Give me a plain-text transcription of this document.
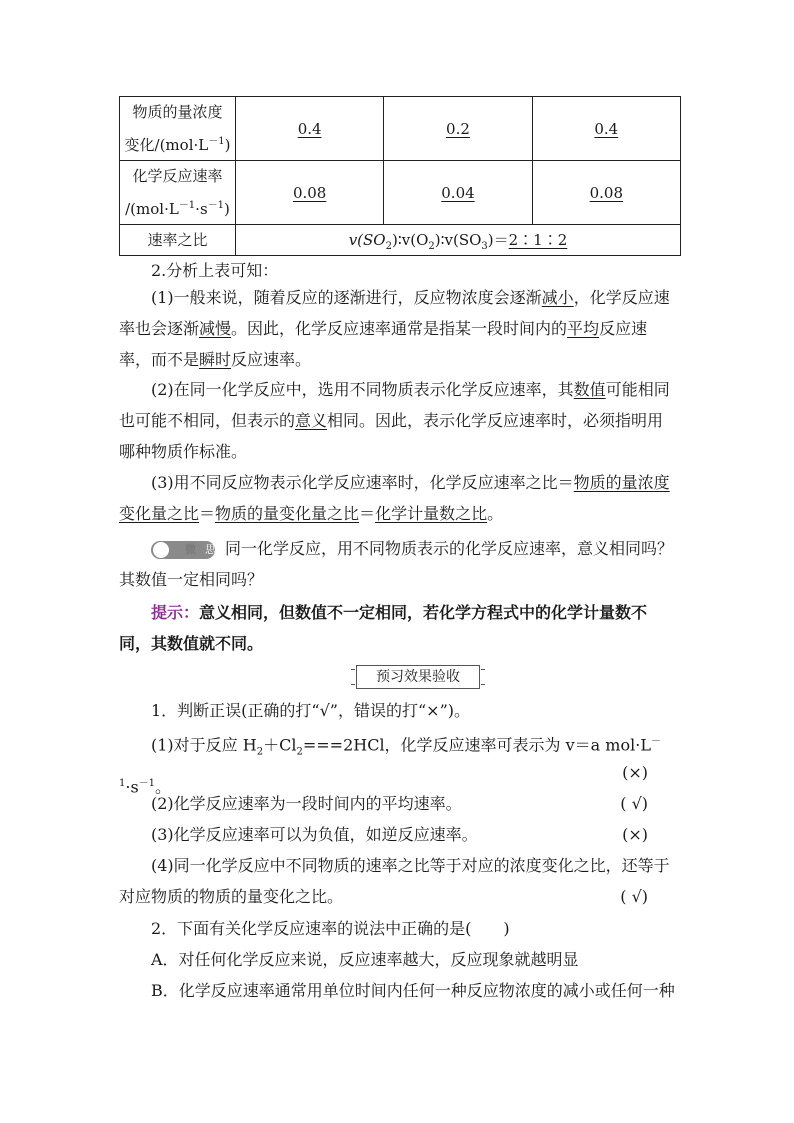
物质的量浓度
变化$/(mol\cdot L^{-1})$	0.4	0.2	0.4
化学反应速率
$/(mol\cdot L^{-1}\cdot s^{-1})$	0.08	0.04	0.08
速率之比	$v(SO_2)∶v(O_2)∶v(SO_3)=2∶1∶2$		
2.分析上表可知：
(1)一般来说，随着反应的逐渐进行，反应物浓度会逐渐减小，化学反应速率也会逐渐减慢。因此，化学反应速率通常是指某一段时间内的平均反应速率，而不是瞬时反应速率。
(2)在同一化学反应中，选用不同物质表示化学反应速率，其数值可能相同也可能不相同，但表示的意义相同。因此，表示化学反应速率时，必须指明用哪种物质作标准。
(3)用不同反应物表示化学反应速率时，化学反应速率之比＝物质的量浓度变化量之比＝物质的量变化量之比＝化学计量数之比。
微 思考
同一化学反应，用不同物质表示的化学反应速率，意义相同吗？其数值一定相同吗？
提示：意义相同，但数值不一定相同，若化学方程式中的化学计量数不同，其数值就不同。
预习效果验收
1．判断正误(正确的打“√”，错误的打“×”)。
(1)对于反应 $H_2+Cl_2===2HCl$，化学反应速率可表示为 v＝a $mol\cdot L^{-1}\cdot s^{-1}$。
(×)
(2)化学反应速率为一段时间内的平均速率。	( √)
(3)化学反应速率可以为负值，如逆反应速率。	(×)
(4)同一化学反应中不同物质的速率之比等于对应的浓度变化之比，还等于对应物质的物质的量变化之比。	( √)
2．下面有关化学反应速率的说法中正确的是(　　)
A．对任何化学反应来说，反应速率越大，反应现象就越明显
B．化学反应速率通常用单位时间内任何一种反应物浓度的减小或任何一种
